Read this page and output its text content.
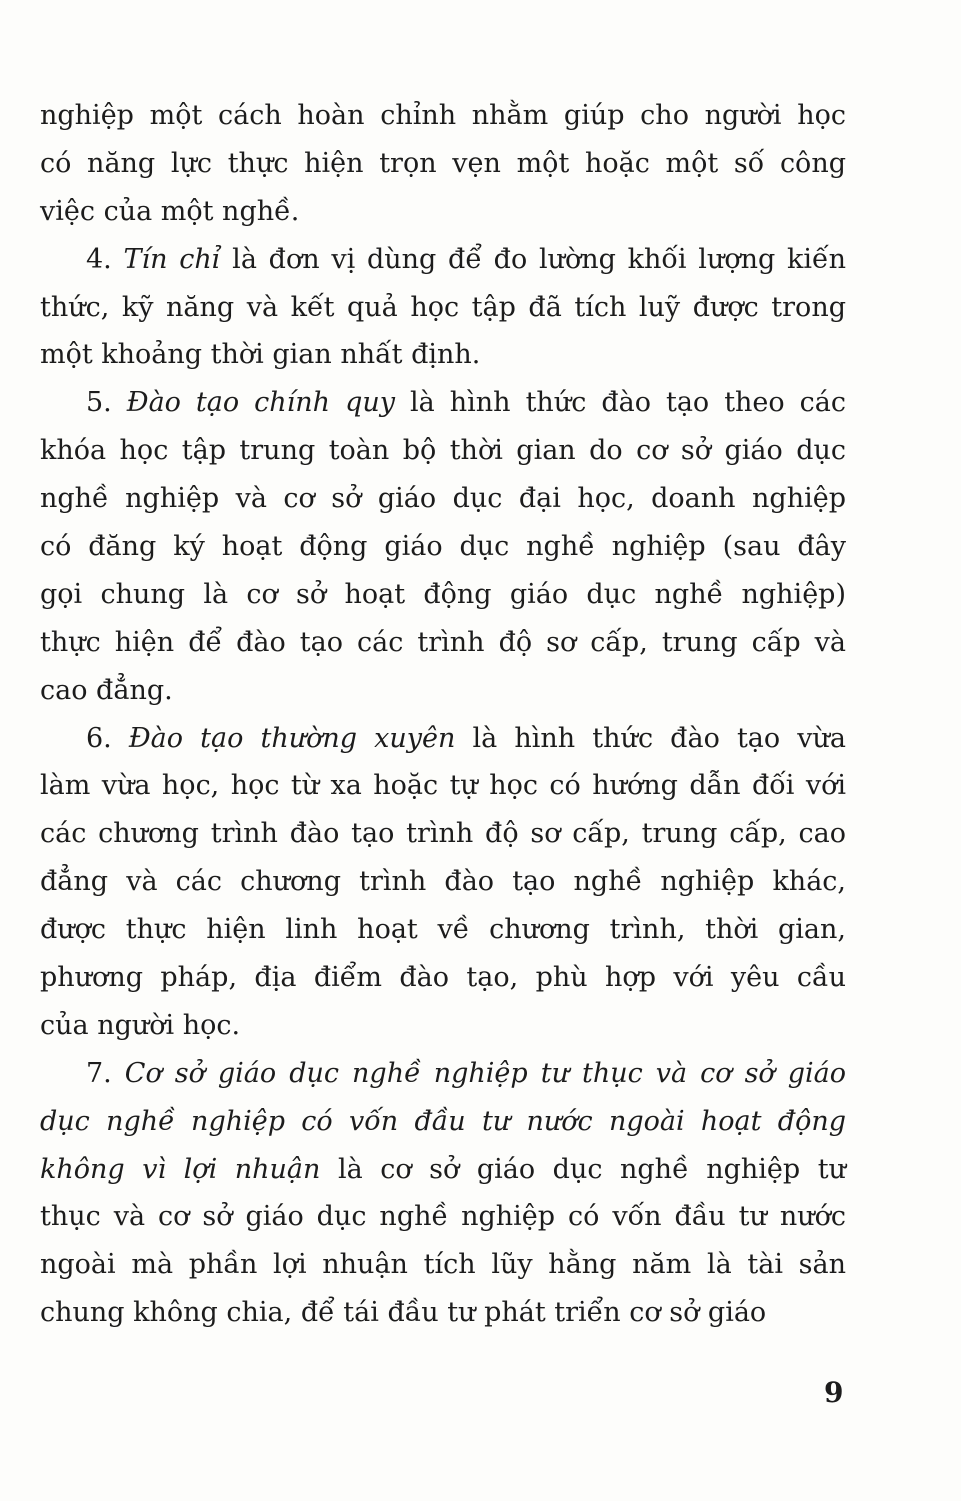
nghiệp một cách hoàn chỉnh nhằm giúp cho người học
có năng lực thực hiện trọn vẹn một hoặc một số công
việc của một nghề.
4. Tín chỉ là đơn vị dùng để đo lường khối lượng kiến
thức, kỹ năng và kết quả học tập đã tích luỹ được trong
một khoảng thời gian nhất định.
5. Đào tạo chính quy là hình thức đào tạo theo các
khóa học tập trung toàn bộ thời gian do cơ sở giáo dục
nghề nghiệp và cơ sở giáo dục đại học, doanh nghiệp
có đăng ký hoạt động giáo dục nghề nghiệp (sau đây
gọi chung là cơ sở hoạt động giáo dục nghề nghiệp)
thực hiện để đào tạo các trình độ sơ cấp, trung cấp và
cao đẳng.
6. Đào tạo thường xuyên là hình thức đào tạo vừa
làm vừa học, học từ xa hoặc tự học có hướng dẫn đối với
các chương trình đào tạo trình độ sơ cấp, trung cấp, cao
đẳng và các chương trình đào tạo nghề nghiệp khác,
được thực hiện linh hoạt về chương trình, thời gian,
phương pháp, địa điểm đào tạo, phù hợp với yêu cầu
của người học.
7. Cơ sở giáo dục nghề nghiệp tư thục và cơ sở giáo
dục nghề nghiệp có vốn đầu tư nước ngoài hoạt động
không vì lợi nhuận là cơ sở giáo dục nghề nghiệp tư
thục và cơ sở giáo dục nghề nghiệp có vốn đầu tư nước
ngoài mà phần lợi nhuận tích lũy hằng năm là tài sản
chung không chia, để tái đầu tư phát triển cơ sở giáo
9
